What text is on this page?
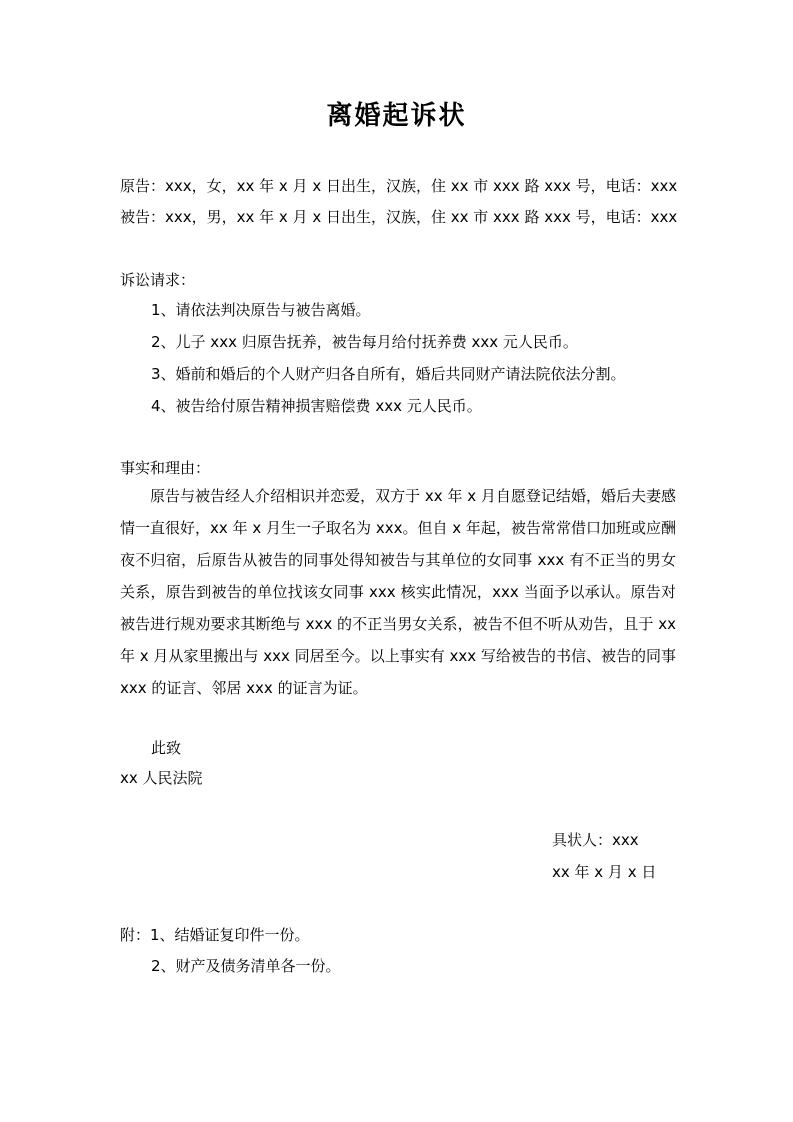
离婚起诉状
原告：xxx，女，xx 年 x 月 x 日出生，汉族，住 xx 市 xxx 路 xxx 号，电话：xxx
被告：xxx，男，xx 年 x 月 x 日出生，汉族，住 xx 市 xxx 路 xxx 号，电话：xxx
诉讼请求：
1、请依法判决原告与被告离婚。
2、儿子 xxx 归原告抚养，被告每月给付抚养费 xxx 元人民币。
3、婚前和婚后的个人财产归各自所有，婚后共同财产请法院依法分割。
4、被告给付原告精神损害赔偿费 xxx 元人民币。
事实和理由：
原告与被告经人介绍相识并恋爱，双方于 xx 年 x 月自愿登记结婚，婚后夫妻感情一直很好，xx 年 x 月生一子取名为 xxx。但自 x 年起，被告常常借口加班或应酬夜不归宿，后原告从被告的同事处得知被告与其单位的女同事 xxx 有不正当的男女关系，原告到被告的单位找该女同事 xxx 核实此情况，xxx 当面予以承认。原告对被告进行规劝要求其断绝与 xxx 的不正当男女关系，被告不但不听从劝告，且于 xx 年 x 月从家里搬出与 xxx 同居至今。以上事实有 xxx 写给被告的书信、被告的同事 xxx 的证言、邻居 xxx 的证言为证。
此致
xx 人民法院
具状人：xxx
xx 年 x 月 x 日
附：1、结婚证复印件一份。
2、财产及债务清单各一份。
